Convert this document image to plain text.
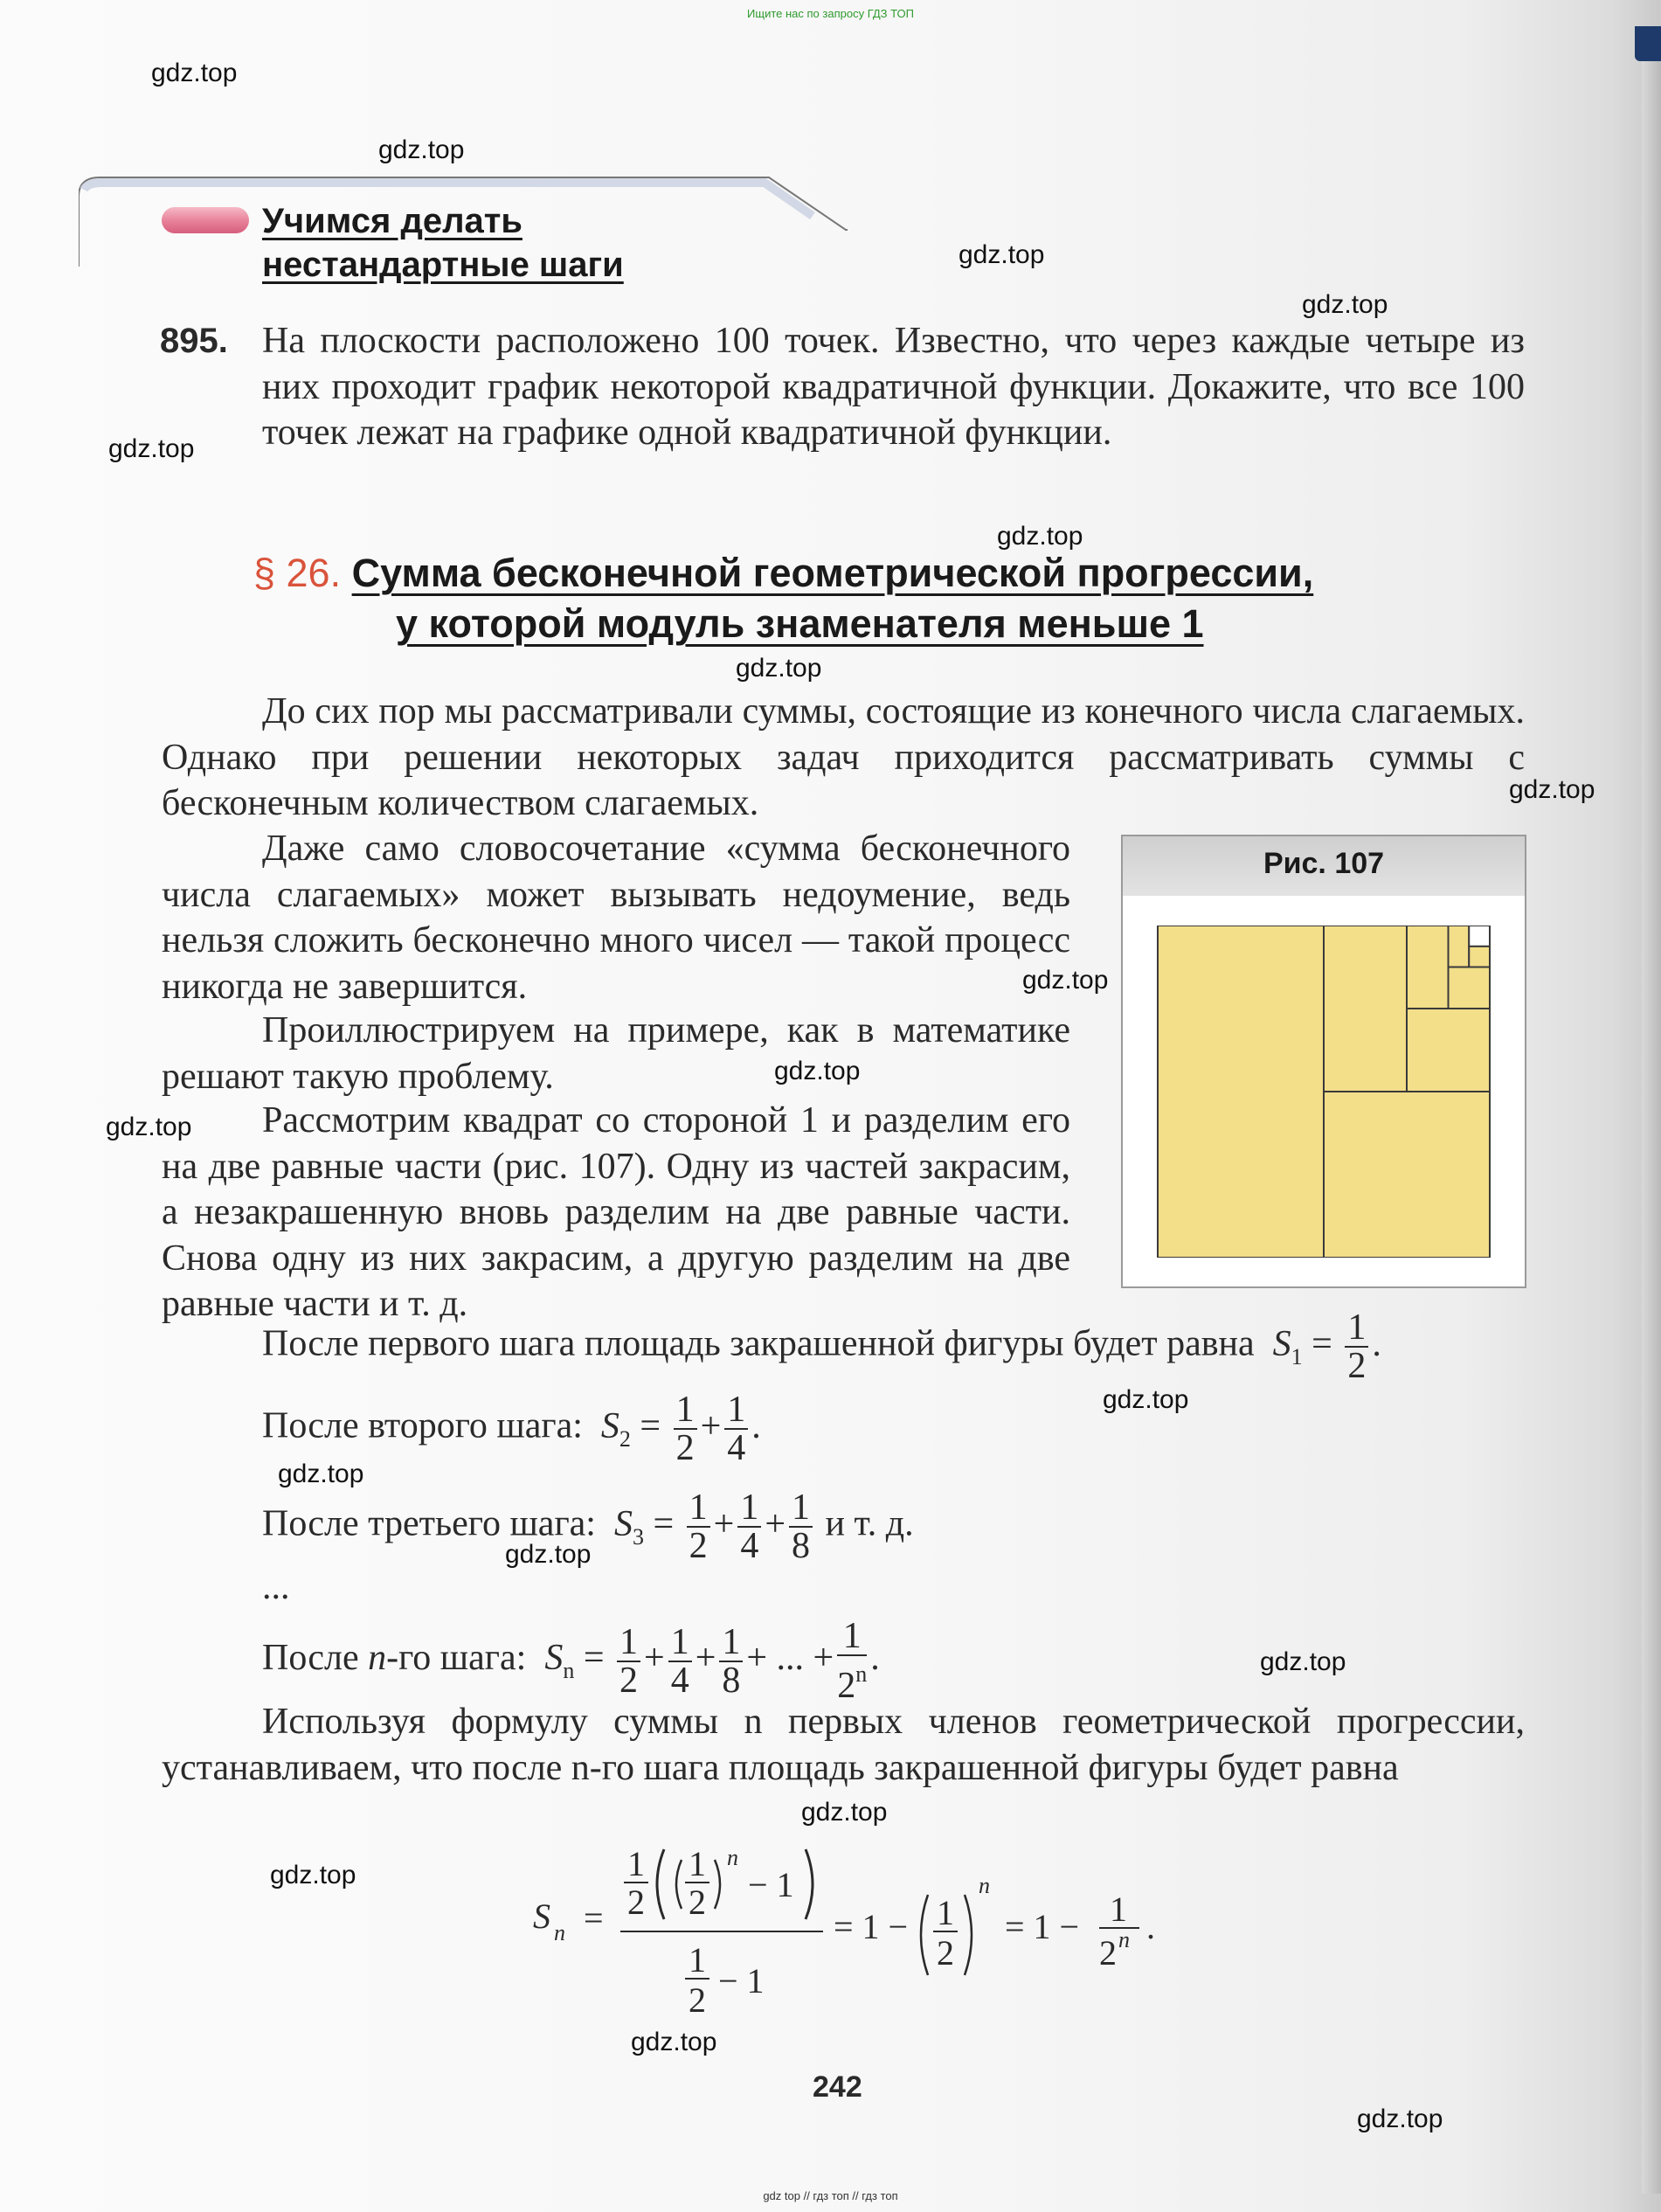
Ищите нас по запросу ГДЗ ТОП
gdz.top
gdz.top
gdz.top
gdz.top
gdz.top
gdz.top
gdz.top
gdz.top
gdz.top
gdz.top
gdz.top
gdz.top
gdz.top
gdz.top
gdz.top
gdz.top
gdz.top
gdz.top
gdz.top
Учимся делать
нестандартные шаги
895. На плоскости расположено 100 точек. Известно, что через каждые четыре из них проходит график некоторой квадратичной функции. Докажите, что все 100 точек лежат на графике одной квадратичной функции.
§ 26. Сумма бесконечной геометрической прогрессии,
у которой модуль знаменателя меньше 1
До сих пор мы рассматривали суммы, состоящие из конечного числа слагаемых. Однако при решении некоторых задач приходится рассматривать суммы с бесконечным количеством слагаемых.
Даже само словосочетание «сумма бесконечного числа слагаемых» может вызывать недоумение, ведь нельзя сложить бесконечно много чисел — такой процесс никогда не завершится.
Проиллюстрируем на примере, как в математике решают такую проблему.
Рассмотрим квадрат со стороной 1 и разделим его на две равные части (рис. 107). Одну из частей закрасим, а незакрашенную вновь разделим на две равные части. Снова одну из них закрасим, а другую разделим на две равные части и т. д.
Рис. 107
После первого шага площадь закрашенной фигуры будет равна  $S_1 = \frac{1}{2}$ .
После второго шага:  $S_2 = \frac{1}{2} + \frac{1}{4}$ .
После третьего шага:  $S_3 = \frac{1}{2} + \frac{1}{4} + \frac{1}{8}$ и т. д.
...
После n-го шага:  $S_n = \frac{1}{2} + \frac{1}{4} + \frac{1}{8}$ + ... + $\frac{1}{2^n}$ .
Используя формулу суммы n первых членов геометрической прогрессии, устанавливаем, что после n-го шага площадь закрашенной фигуры будет равна
S n =
1
2
1
2
n
− 1
1
2 − 1
= 1 − 1
2
n
= 1 − 1
2 n .
242
gdz top // гдз топ // гдз топ
